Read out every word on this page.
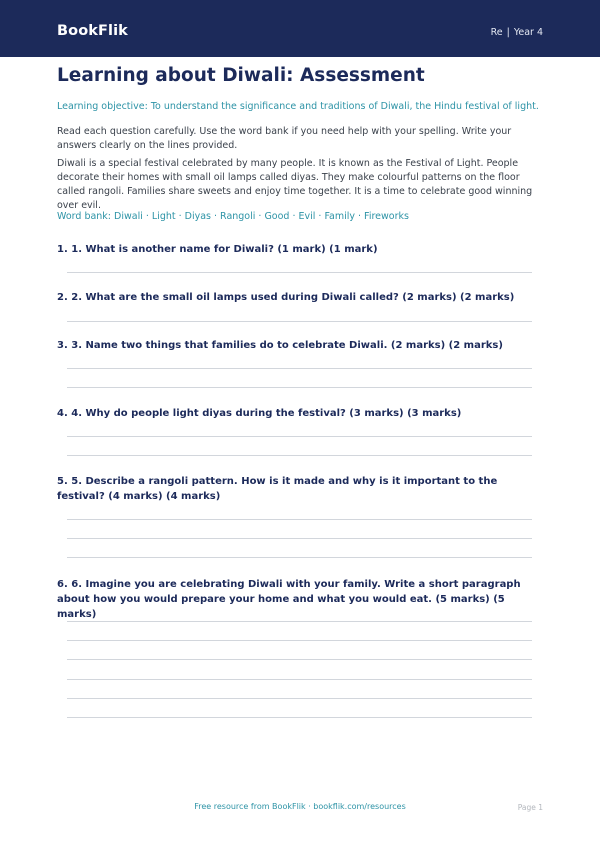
BookFlik	Re | Year 4
Learning about Diwali: Assessment
Learning objective: To understand the significance and traditions of Diwali, the Hindu festival of light.

Read each question carefully. Use the word bank if you need help with your spelling. Write your answers clearly on the lines provided.

Diwali is a special festival celebrated by many people. It is known as the Festival of Light. People decorate their homes with small oil lamps called diyas. They make colourful patterns on the floor called rangoli. Families share sweets and enjoy time together. It is a time to celebrate good winning over evil.

Word bank: Diwali · Light · Diyas · Rangoli · Good · Evil · Family · Fireworks
1. 1. What is another name for Diwali? (1 mark) (1 mark)
2. 2. What are the small oil lamps used during Diwali called? (2 marks) (2 marks)
3. 3. Name two things that families do to celebrate Diwali. (2 marks) (2 marks)
4. 4. Why do people light diyas during the festival? (3 marks) (3 marks)
5. 5. Describe a rangoli pattern. How is it made and why is it important to the festival? (4 marks) (4 marks)
6. 6. Imagine you are celebrating Diwali with your family. Write a short paragraph about how you would prepare your home and what you would eat. (5 marks) (5 marks)
Free resource from BookFlik · bookflik.com/resources	Page 1
